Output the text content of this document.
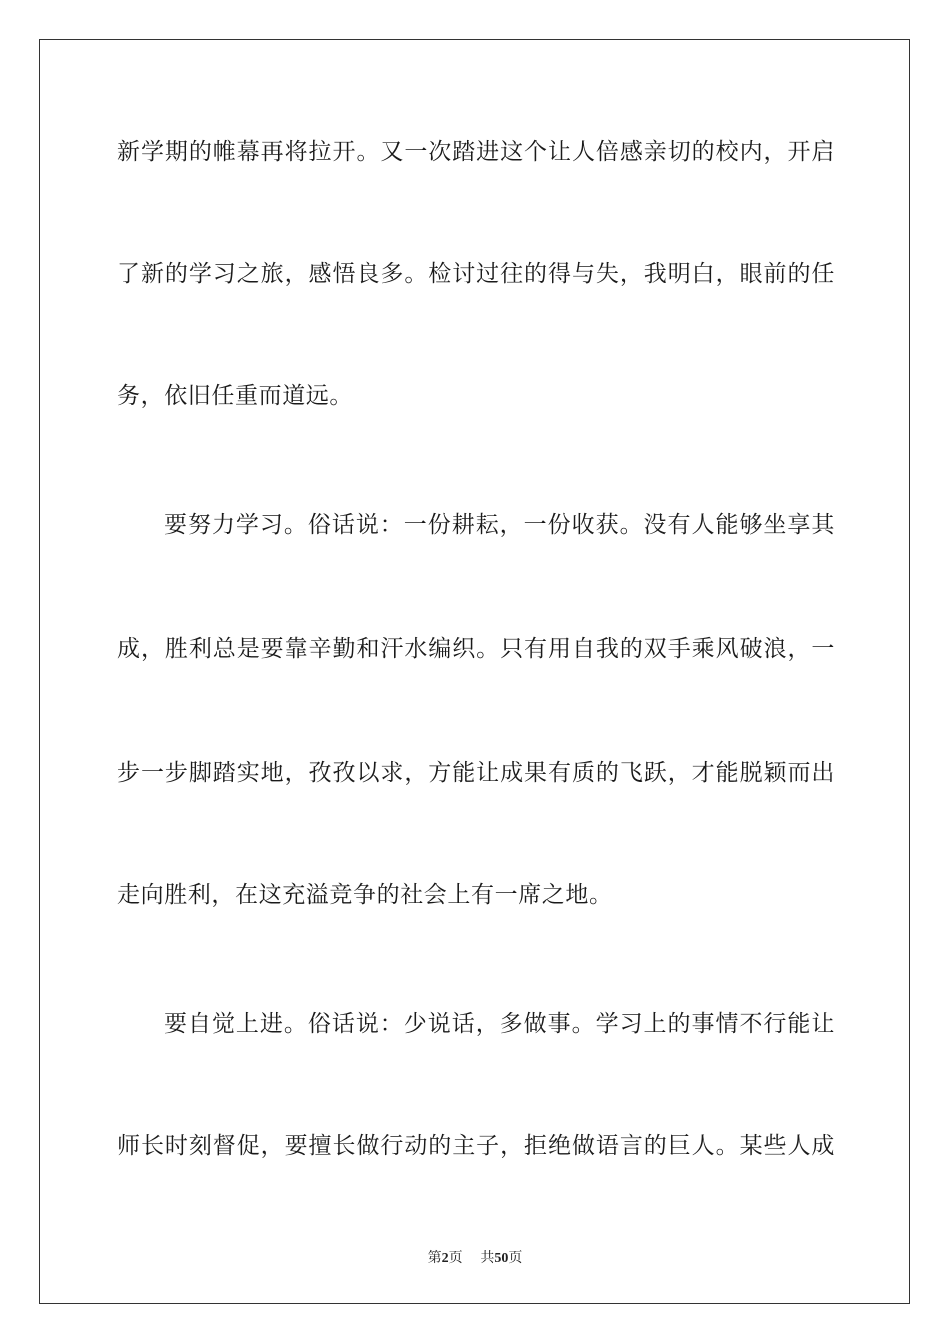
新学期的帷幕再将拉开。又一次踏进这个让人倍感亲切的校内，开启
了新的学习之旅，感悟良多。检讨过往的得与失，我明白，眼前的任
务，依旧任重而道远。
要努力学习。俗话说：一份耕耘，一份收获。没有人能够坐享其
成，胜利总是要靠辛勤和汗水编织。只有用自我的双手乘风破浪，一
步一步脚踏实地，孜孜以求，方能让成果有质的飞跃，才能脱颖而出
走向胜利，在这充溢竞争的社会上有一席之地。
要自觉上进。俗话说：少说话，多做事。学习上的事情不行能让
师长时刻督促，要擅长做行动的主子，拒绝做语言的巨人。某些人成
第2页 共50页
